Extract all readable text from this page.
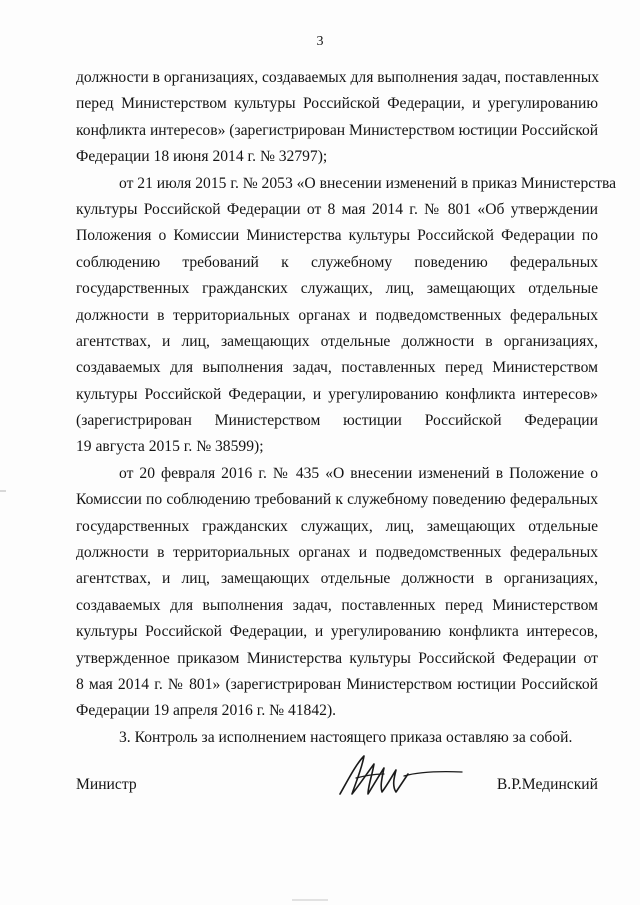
3
должности в организациях, создаваемых для выполнения задач, поставленных
перед Министерством культуры Российской Федерации, и урегулированию
конфликта интересов» (зарегистрирован Министерством юстиции Российской
Федерации 18 июня 2014 г. № 32797);
от 21 июля 2015 г. № 2053 «О внесении изменений в приказ Министерства
культуры Российской Федерации от 8 мая 2014 г. № 801 «Об утверждении
Положения о Комиссии Министерства культуры Российской Федерации по
соблюдению требований к служебному поведению федеральных
государственных гражданских служащих, лиц, замещающих отдельные
должности в территориальных органах и подведомственных федеральных
агентствах, и лиц, замещающих отдельные должности в организациях,
создаваемых для выполнения задач, поставленных перед Министерством
культуры Российской Федерации, и урегулированию конфликта интересов»
(зарегистрирован Министерством юстиции Российской Федерации
19 августа 2015 г. № 38599);
от 20 февраля 2016 г. № 435 «О внесении изменений в Положение о
Комиссии по соблюдению требований к служебному поведению федеральных
государственных гражданских служащих, лиц, замещающих отдельные
должности в территориальных органах и подведомственных федеральных
агентствах, и лиц, замещающих отдельные должности в организациях,
создаваемых для выполнения задач, поставленных перед Министерством
культуры Российской Федерации, и урегулированию конфликта интересов,
утвержденное приказом Министерства культуры Российской Федерации от
8 мая 2014 г. № 801» (зарегистрирован Министерством юстиции Российской
Федерации 19 апреля 2016 г. № 41842).
3. Контроль за исполнением настоящего приказа оставляю за собой.
Министр	В.Р.Мединский
